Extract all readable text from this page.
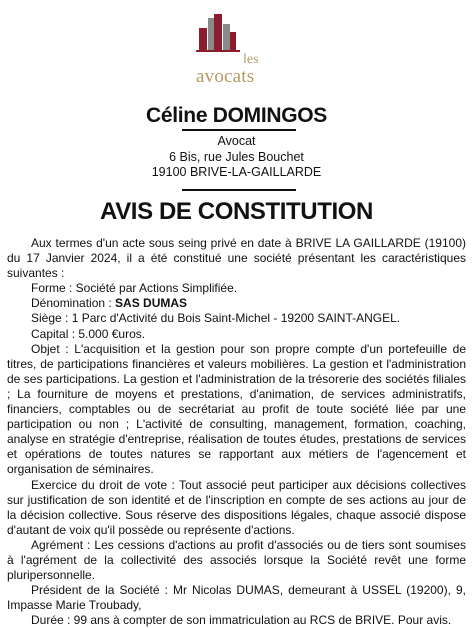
les
avocats
Céline DOMINGOS
Avocat
6 Bis, rue Jules Bouchet
19100 BRIVE-LA-GAILLARDE
AVIS DE CONSTITUTION

Aux termes d'un acte sous seing privé en date à BRIVE LA GAILLARDE (19100) du 17 Janvier 2024, il a été constitué une société présentant les caractéristiques suivantes :

Forme : Société par Actions Simplifiée.

Dénomination : SAS DUMAS

Siège : 1 Parc d'Activité du Bois Saint-Michel - 19200 SAINT-ANGEL.

Capital : 5.000 €uros.

Objet : L'acquisition et la gestion pour son propre compte d'un portefeuille de titres, de participations financières et valeurs mobilières. La gestion et l'administration de ses participations. La gestion et l'administration de la trésorerie des sociétés filiales ; La fourniture de moyens et prestations, d'animation, de services administratifs, financiers, comptables ou de secrétariat au profit de toute société liée par une participation ou non ; L'activité de consulting, management, formation, coaching, analyse en stratégie d'entreprise, réalisation de toutes études, prestations de services et opérations de toutes natures se rapportant aux métiers de l'agencement et organisation de séminaires.

Exercice du droit de vote : Tout associé peut participer aux décisions collectives sur justification de son identité et de l'inscription en compte de ses actions au jour de la décision collective. Sous réserve des dispositions légales, chaque associé dispose d'autant de voix qu'il possède ou représente d'actions.

Agrément : Les cessions d'actions au profit d'associés ou de tiers sont soumises à l'agrément de la collectivité des associés lorsque la Société revêt une forme pluripersonnelle.

Président de la Société : Mr Nicolas DUMAS, demeurant à USSEL (19200), 9, Impasse Marie Troubady,

Durée : 99 ans à compter de son immatriculation au RCS de BRIVE. Pour avis.
